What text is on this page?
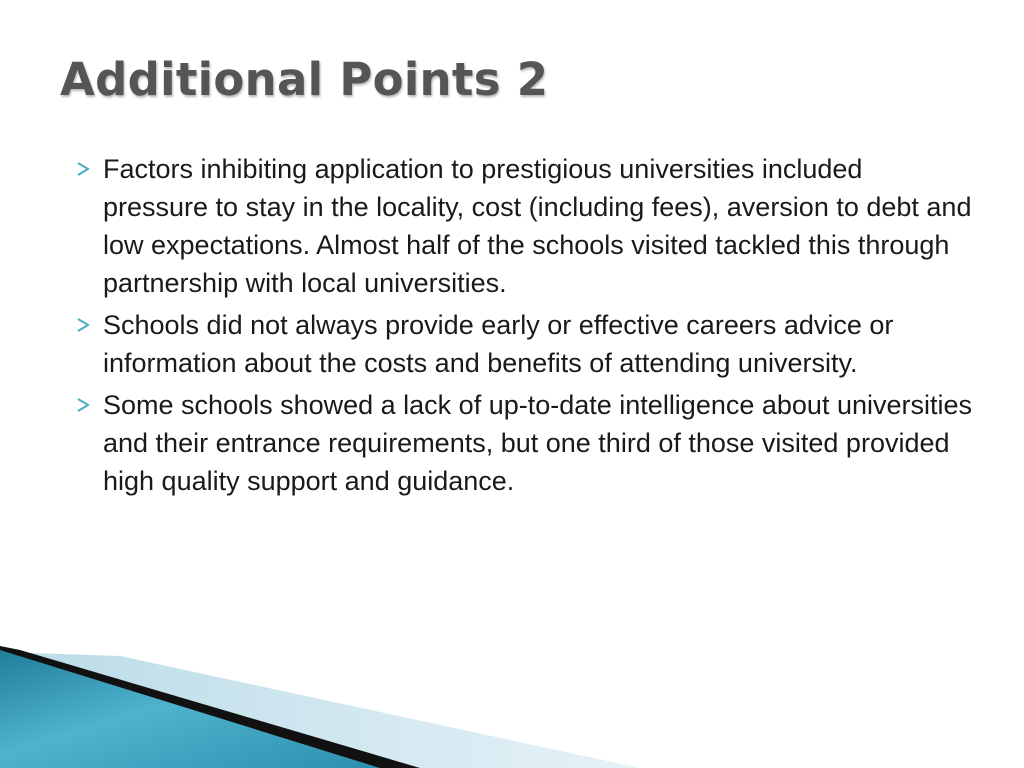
Additional Points 2
Factors inhibiting application to prestigious universities included pressure to stay in the locality, cost (including fees), aversion to debt and low expectations. Almost half of the schools visited tackled this through partnership with local universities.
Schools did not always provide early or effective careers advice or information about the costs and benefits of attending university.
Some schools showed a lack of up-to-date intelligence about universities and their entrance requirements, but one third of those visited provided high quality support and guidance.
